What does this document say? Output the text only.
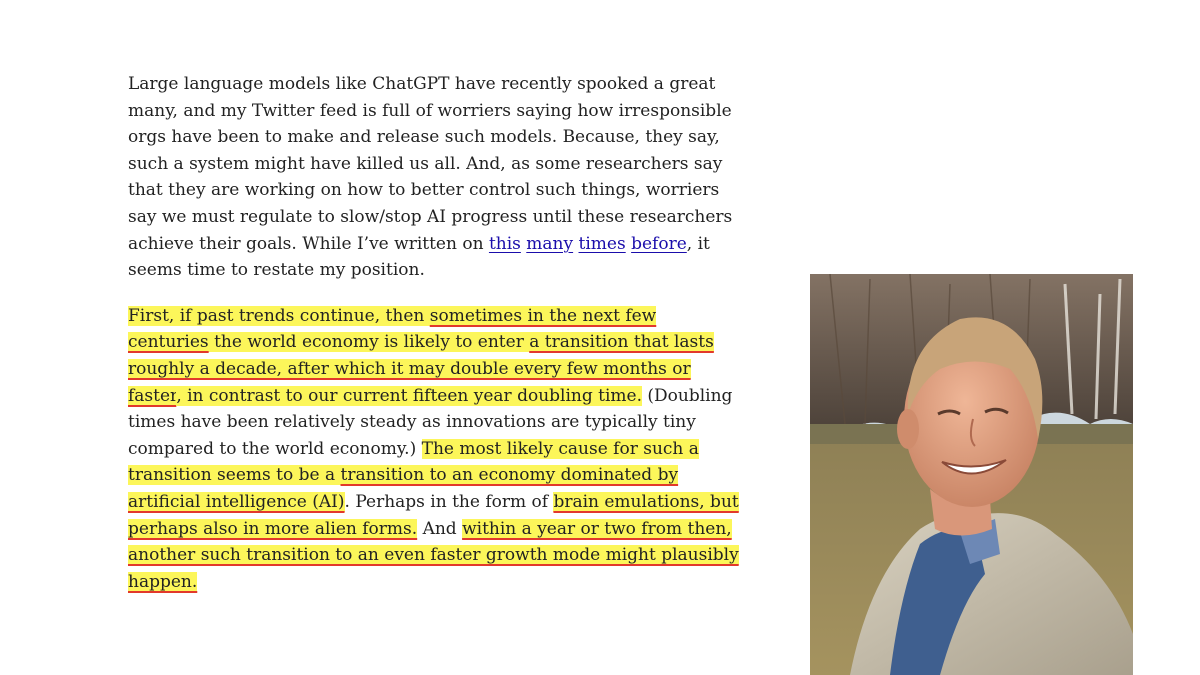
Large language models like ChatGPT have recently spooked a great many, and my Twitter feed is full of worriers saying how irresponsible orgs have been to make and release such models. Because, they say, such a system might have killed us all. And, as some researchers say that they are working on how to better control such things, worriers say we must regulate to slow/stop AI progress until these researchers achieve their goals. While I’ve written on this many times before, it seems time to restate my position.

First, if past trends continue, then sometimes in the next few centuries the world economy is likely to enter a transition that lasts roughly a decade, after which it may double every few months or faster, in contrast to our current fifteen year doubling time. (Doubling times have been relatively steady as innovations are typically tiny compared to the world economy.) The most likely cause for such a transition seems to be a transition to an economy dominated by artificial intelligence (AI). Perhaps in the form of brain emulations, but perhaps also in more alien forms. And within a year or two from then, another such transition to an even faster growth mode might plausibly happen.
